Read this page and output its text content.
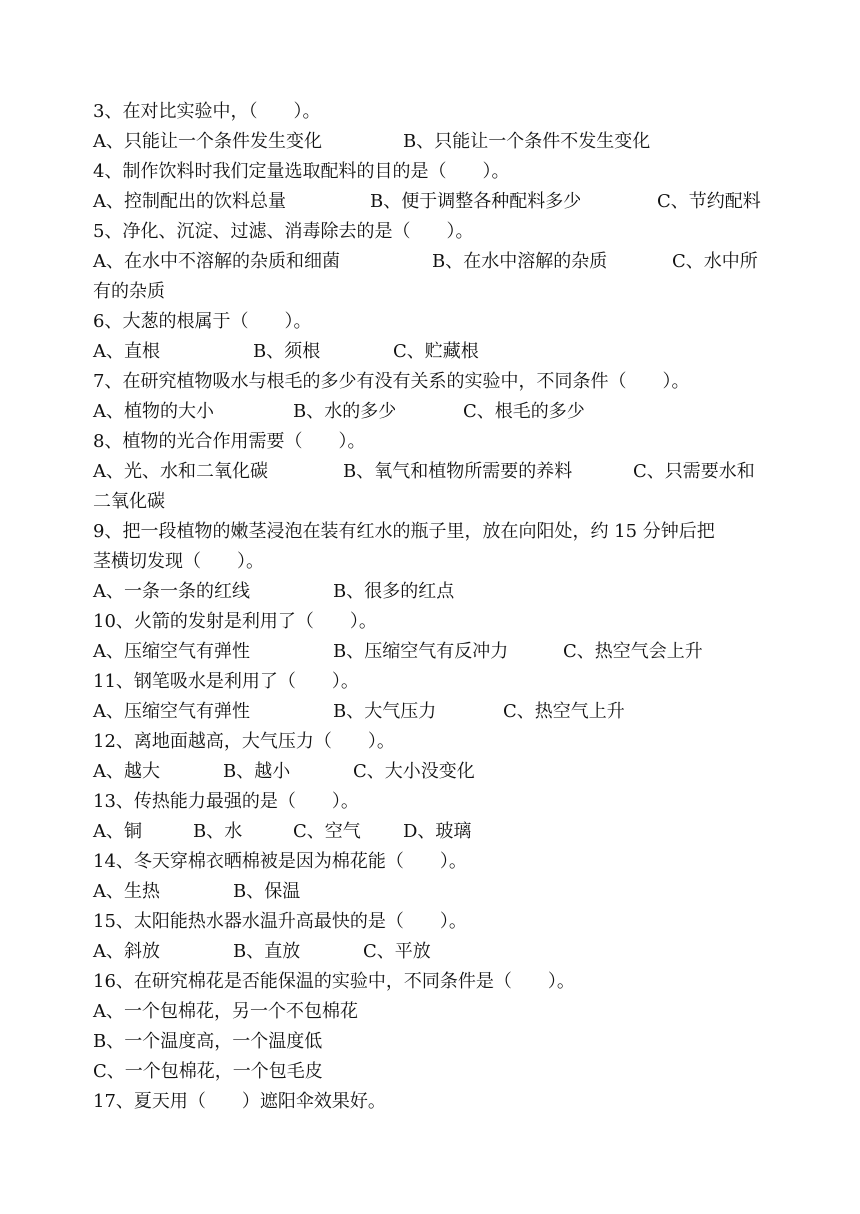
3、在对比实验中，（　　）。
A、只能让一个条件发生变化	B、只能让一个条件不发生变化
4、制作饮料时我们定量选取配料的目的是（　　）。
A、控制配出的饮料总量	B、便于调整各种配料多少	C、节约配料
5、净化、沉淀、过滤、消毒除去的是（　　）。
A、在水中不溶解的杂质和细菌	B、在水中溶解的杂质	C、水中所
有的杂质
6、大葱的根属于（　　）。
A、直根	B、须根	C、贮藏根
7、在研究植物吸水与根毛的多少有没有关系的实验中，不同条件（　　）。
A、植物的大小	B、水的多少	C、根毛的多少
8、植物的光合作用需要（　　）。
A、光、水和二氧化碳	B、氧气和植物所需要的养料	C、只需要水和
二氧化碳
9、把一段植物的嫩茎浸泡在装有红水的瓶子里，放在向阳处，约 15 分钟后把
茎横切发现（　　）。
A、一条一条的红线	B、很多的红点
10、火箭的发射是利用了（　　）。
A、压缩空气有弹性	B、压缩空气有反冲力	C、热空气会上升
11、钢笔吸水是利用了（　　）。
A、压缩空气有弹性	B、大气压力	C、热空气上升
12、离地面越高，大气压力（　　）。
A、越大	B、越小	C、大小没变化
13、传热能力最强的是（　　）。
A、铜	B、水	C、空气 D、玻璃
14、冬天穿棉衣晒棉被是因为棉花能（　　）。
A、生热	B、保温
15、太阳能热水器水温升高最快的是（　　）。
A、斜放	B、直放	C、平放
16、在研究棉花是否能保温的实验中，不同条件是（　　）。
A、一个包棉花，另一个不包棉花
B、一个温度高，一个温度低
C、一个包棉花，一个包毛皮
17、夏天用（　　）遮阳伞效果好。
